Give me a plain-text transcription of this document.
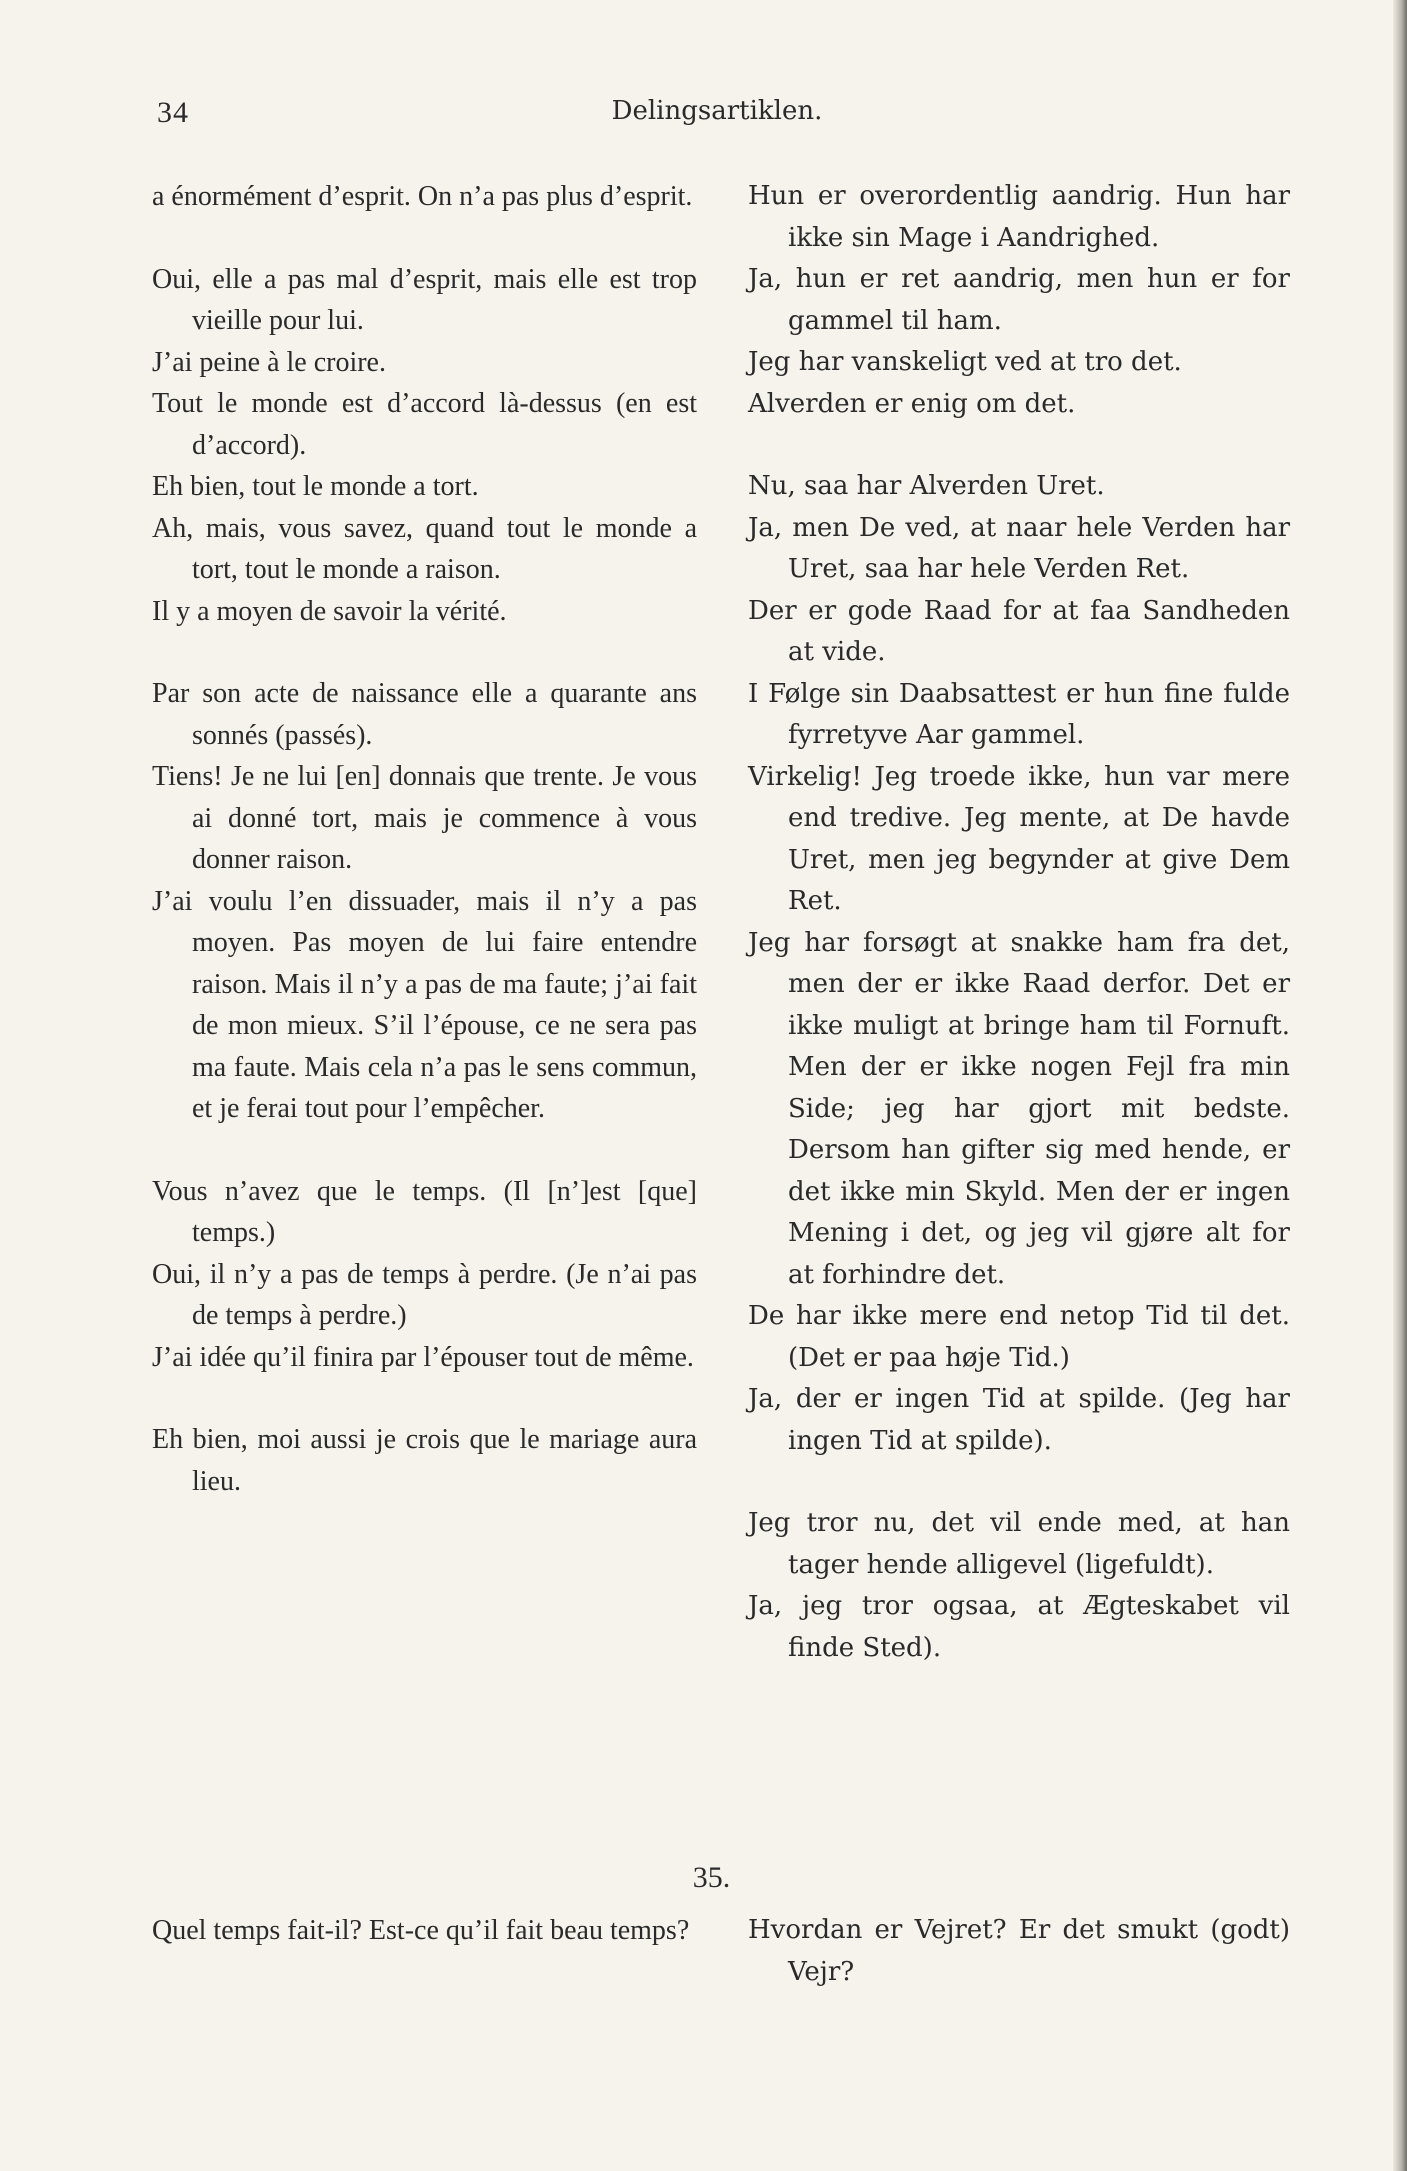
34	Delingsartiklen.
a énormément d’esprit. On n’a pas plus d’esprit.
Oui, elle a pas mal d’esprit, mais elle est trop vieille pour lui.
J’ai peine à le croire.
Tout le monde est d’accord là-dessus (en est d’accord).
Eh bien, tout le monde a tort.
Ah, mais, vous savez, quand tout le monde a tort, tout le monde a raison.
Il y a moyen de savoir la vérité.
Par son acte de naissance elle a quarante ans sonnés (passés).
Tiens! Je ne lui [en] donnais que trente. Je vous ai donné tort, mais je commence à vous donner raison.
J’ai voulu l’en dissuader, mais il n’y a pas moyen. Pas moyen de lui faire entendre raison. Mais il n’y a pas de ma faute; j’ai fait de mon mieux. S’il l’épouse, ce ne sera pas ma faute. Mais cela n’a pas le sens commun, et je ferai tout pour l’empêcher.
Vous n’avez que le temps. (Il [n’]est [que] temps.)
Oui, il n’y a pas de temps à perdre. (Je n’ai pas de temps à perdre.)
J’ai idée qu’il finira par l’épouser tout de même.
Eh bien, moi aussi je crois que le mariage aura lieu.
Hun er overordentlig aandrig. Hun har ikke sin Mage i Aandrighed.
Ja, hun er ret aandrig, men hun er for gammel til ham.
Jeg har vanskeligt ved at tro det.
Alverden er enig om det.
Nu, saa har Alverden Uret.
Ja, men De ved, at naar hele Verden har Uret, saa har hele Verden Ret.
Der er gode Raad for at faa Sandheden at vide.
I Følge sin Daabsattest er hun fine fulde fyrretyve Aar gammel.
Virkelig! Jeg troede ikke, hun var mere end tredive. Jeg mente, at De havde Uret, men jeg begynder at give Dem Ret.
Jeg har forsøgt at snakke ham fra det, men der er ikke Raad derfor. Det er ikke muligt at bringe ham til Fornuft. Men der er ikke nogen Fejl fra min Side; jeg har gjort mit bedste. Dersom han gifter sig med hende, er det ikke min Skyld. Men der er ingen Mening i det, og jeg vil gjøre alt for at forhindre det.
De har ikke mere end netop Tid til det. (Det er paa høje Tid.)
Ja, der er ingen Tid at spilde. (Jeg har ingen Tid at spilde).
Jeg tror nu, det vil ende med, at han tager hende alligevel (ligefuldt).
Ja, jeg tror ogsaa, at Ægteskabet vil finde Sted).
35.
Quel temps fait-il? Est-ce qu’il fait beau temps? Hvordan er Vejret? Er det smukt (godt) Vejr?
